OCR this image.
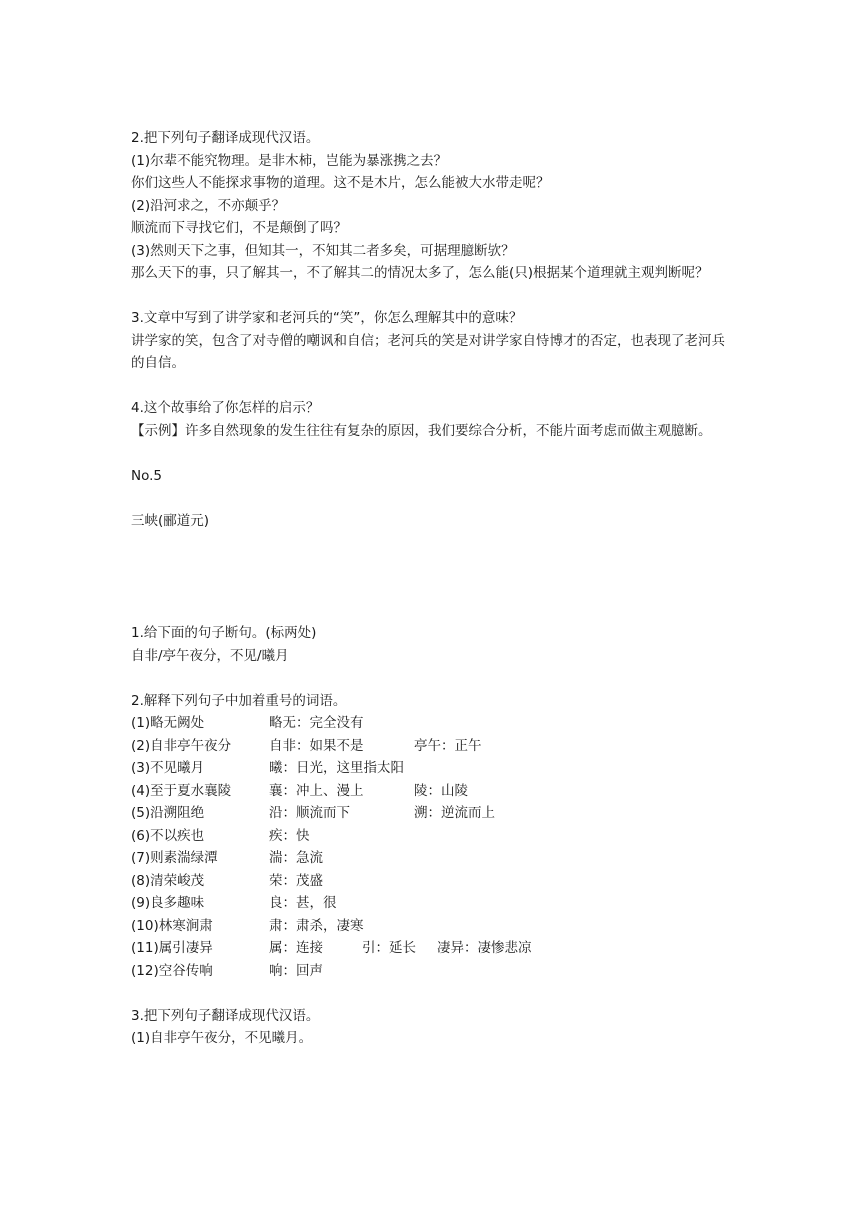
2.把下列句子翻译成现代汉语。
(1)尔辈不能究物理。是非木柿，岂能为暴涨携之去？
你们这些人不能探求事物的道理。这不是木片，怎么能被大水带走呢？
(2)沿河求之，不亦颠乎？
顺流而下寻找它们，不是颠倒了吗？
(3)然则天下之事，但知其一，不知其二者多矣，可据理臆断欤？
那么天下的事，只了解其一，不了解其二的情况太多了，怎么能(只)根据某个道理就主观判断呢？
3.文章中写到了讲学家和老河兵的“笑”，你怎么理解其中的意味？
讲学家的笑，包含了对寺僧的嘲讽和自信；老河兵的笑是对讲学家自恃博才的否定，也表现了老河兵的自信。
4.这个故事给了你怎样的启示？
【示例】许多自然现象的发生往往有复杂的原因，我们要综合分析，不能片面考虑而做主观臆断。
No.5
三峡(郦道元)
1.给下面的句子断句。(标两处)
自非/亭午夜分，不见/曦月
2.解释下列句子中加着重号的词语。
(1)略无阙处	略无：完全没有
(2)自非亭午夜分	自非：如果不是	亭午：正午
(3)不见曦月	曦：日光，这里指太阳
(4)至于夏水襄陵	襄：冲上、漫上	陵：山陵
(5)沿溯阻绝	沿：顺流而下	溯：逆流而上
(6)不以疾也	疾：快
(7)则素湍绿潭	湍：急流
(8)清荣峻茂	荣：茂盛
(9)良多趣味	良：甚，很
(10)林寒涧肃	肃：肃杀，凄寒
(11)属引凄异	属：连接	引：延长 凄异：凄惨悲凉
(12)空谷传响	响：回声
3.把下列句子翻译成现代汉语。
(1)自非亭午夜分，不见曦月。
